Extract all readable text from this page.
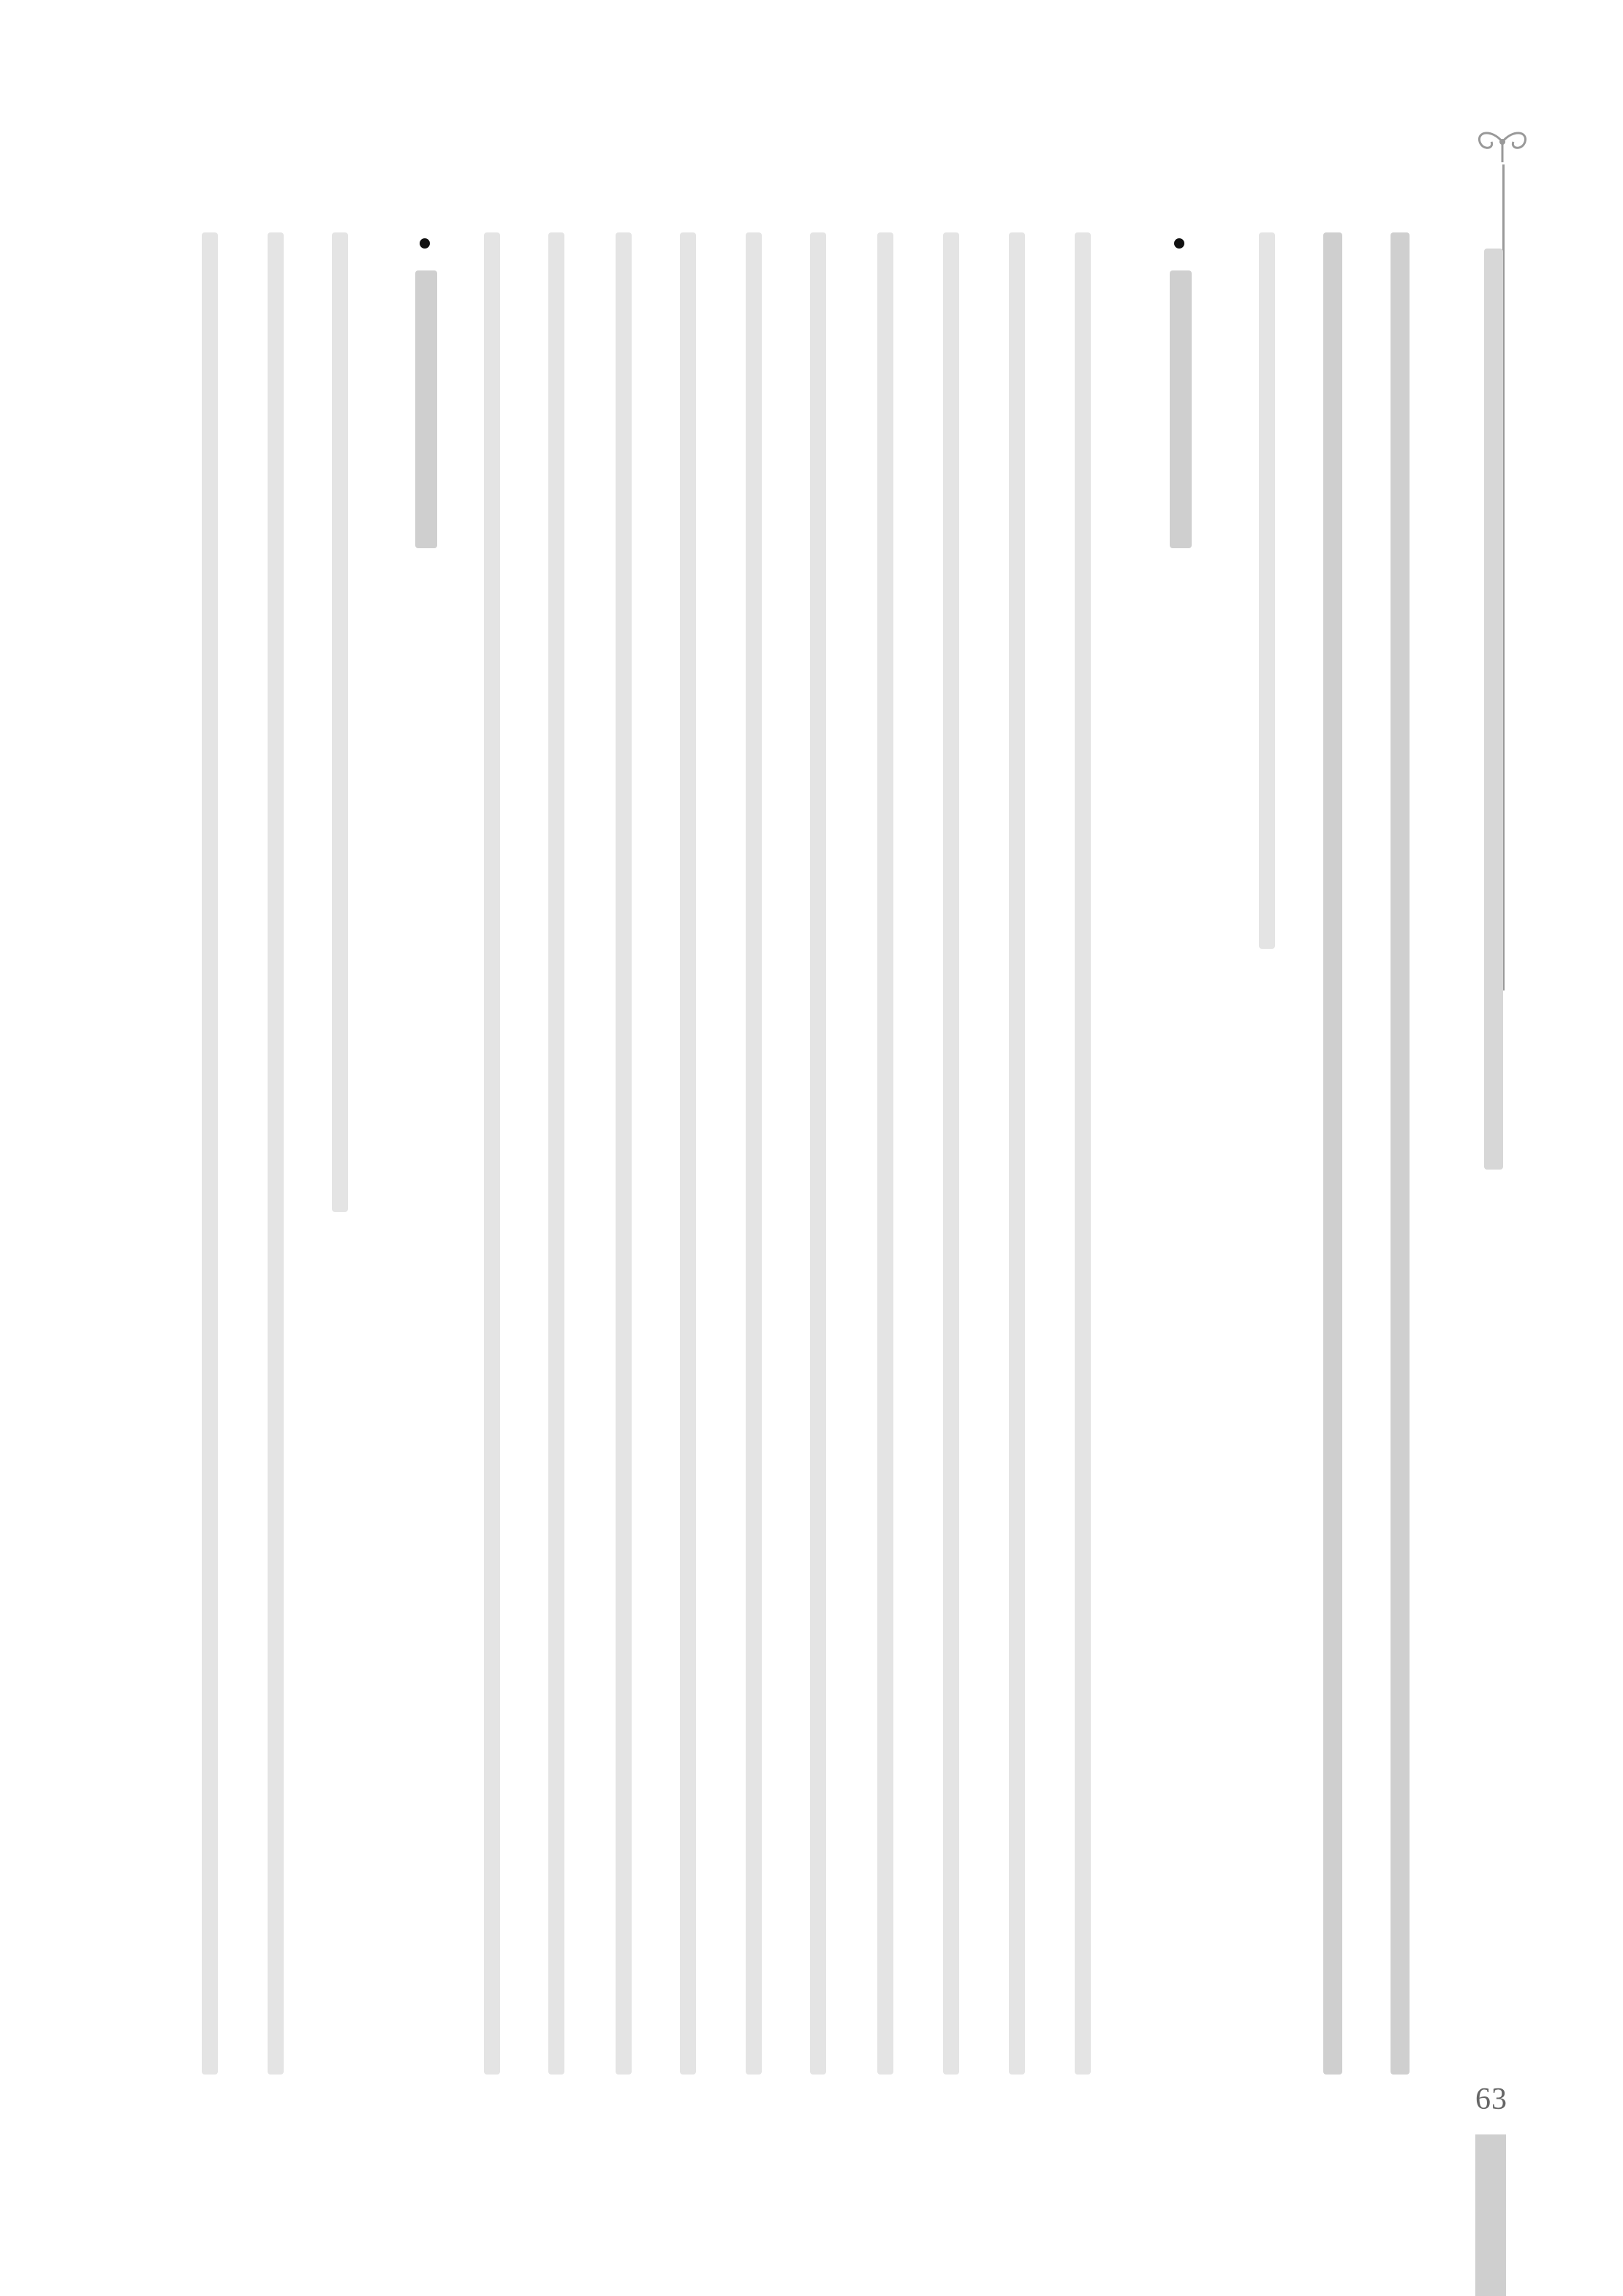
63
